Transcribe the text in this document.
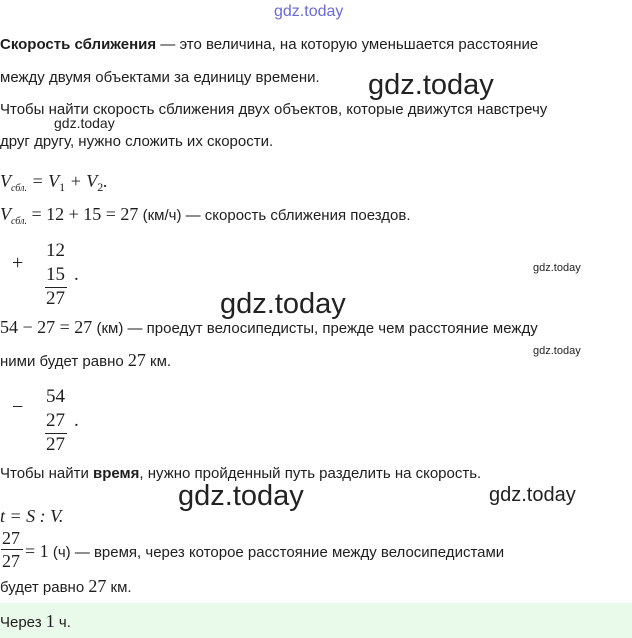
gdz.today
gdz.today
gdz.today
gdz.today
gdz.today
gdz.today
gdz.today	gdz.today
Скорость сближения — это величина, на которую уменьшается расстояние
между двумя объектами за единицу времени.
Чтобы найти скорость сближения двух объектов, которые движутся навстречу
друг другу, нужно сложить их скорости.
$V_{сбл.} = V_1 + V_2$.
$V_{сбл.} = 12 + 15 = 27$ (км/ч) — скорость сближения поездов.
+
12
15
27
.
54 − 27 = 27 (км) — проедут велосипедисты, прежде чем расстояние между
ними будет равно 27 км.
− 54
27
27
.
Чтобы найти время, нужно пройденный путь разделить на скорость.
t = S : V.
27
27 = 1 (ч) — время, через которое расстояние между велосипедистами
будет равно 27 км.
Через 1 ч.
